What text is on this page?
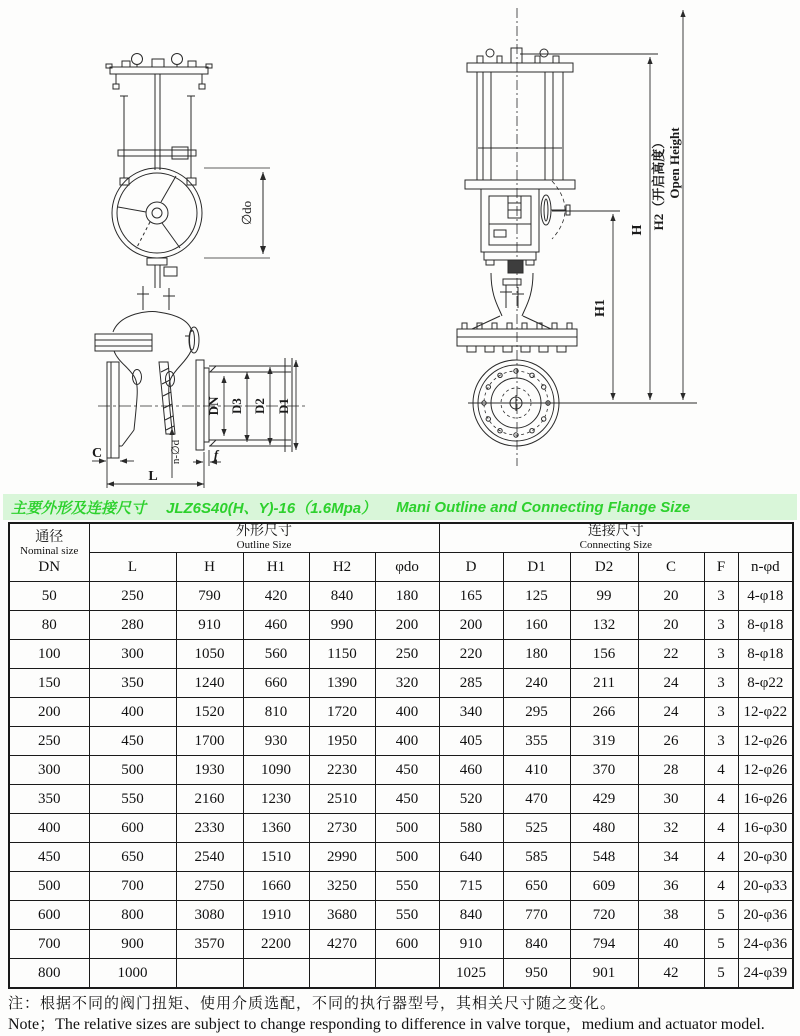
∅do
DN D3 D2 D1
C
L
f
n-∅d
H1
H H2（开启高度） Open Height
主要外形及连接尺寸 JLZ6S40(H、Y)-16（1.6Mpa） Mani Outline and Connecting Flange Size
通径
Nominal size
DN	外形尺寸
Outline Size					连接尺寸
Connecting Size					

	L	H	H1	H2	φdo	D	D1	D2	C	F	n-φd
50	250	790	420	840	180	165	125	99	20	3	4-φ18
80	280	910	460	990	200	200	160	132	20	3	8-φ18
100	300	1050	560	1150	250	220	180	156	22	3	8-φ18
150	350	1240	660	1390	320	285	240	211	24	3	8-φ22
200	400	1520	810	1720	400	340	295	266	24	3	12-φ22
250	450	1700	930	1950	400	405	355	319	26	3	12-φ26
300	500	1930	1090	2230	450	460	410	370	28	4	12-φ26
350	550	2160	1230	2510	450	520	470	429	30	4	16-φ26
400	600	2330	1360	2730	500	580	525	480	32	4	16-φ30
450	650	2540	1510	2990	500	640	585	548	34	4	20-φ30
500	700	2750	1660	3250	550	715	650	609	36	4	20-φ33
600	800	3080	1910	3680	550	840	770	720	38	5	20-φ36
700	900	3570	2200	4270	600	910	840	794	40	5	24-φ36
800	1000					1025	950	901	42	5	24-φ39
注：根据不同的阀门扭矩、使用介质选配，不同的执行器型号，其相关尺寸随之变化。
Note；The relative sizes are subject to change responding to difference in valve torque，medium and actuator model.
